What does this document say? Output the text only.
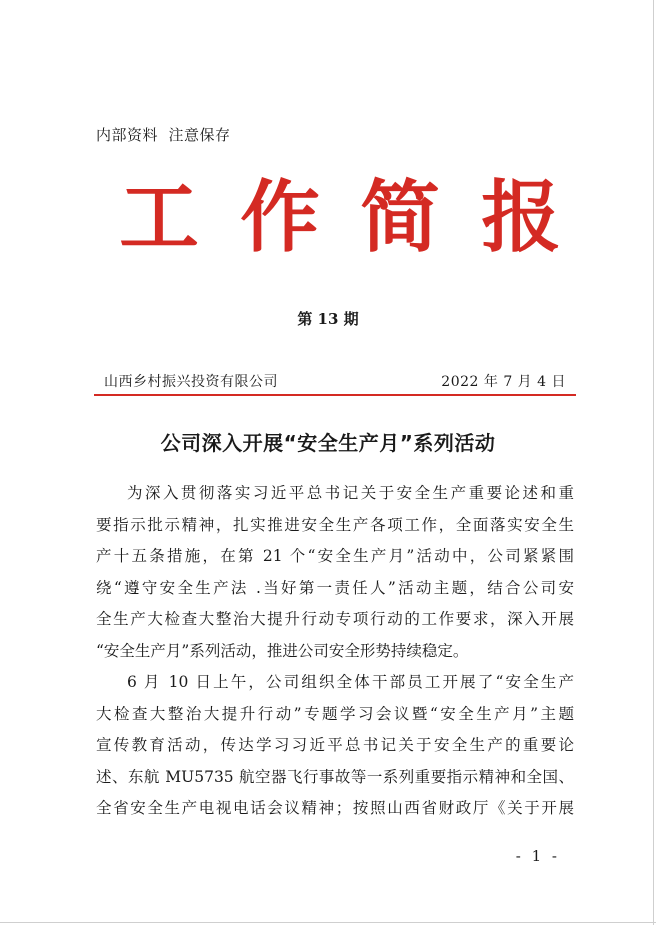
内部资料  注意保存
工 作 简 报
第 13 期
山西乡村振兴投资有限公司	2022 年 7 月 4 日
公司深入开展“安全生产月”系列活动
为深入贯彻落实习近平总书记关于安全生产重要论述和重
要指示批示精神，扎实推进安全生产各项工作，全面落实安全生
产十五条措施，在第 21 个“安全生产月”活动中，公司紧紧围
绕“遵守安全生产法 .当好第一责任人”活动主题，结合公司安
全生产大检查大整治大提升行动专项行动的工作要求，深入开展
“安全生产月”系列活动，推进公司安全形势持续稳定。
6 月 10 日上午，公司组织全体干部员工开展了“安全生产
大检查大整治大提升行动”专题学习会议暨“安全生产月”主题
宣传教育活动，传达学习习近平总书记关于安全生产的重要论
述、东航 MU5735 航空器飞行事故等一系列重要指示精神和全国、
全省安全生产电视电话会议精神；按照山西省财政厅《关于开展
- 1 -
